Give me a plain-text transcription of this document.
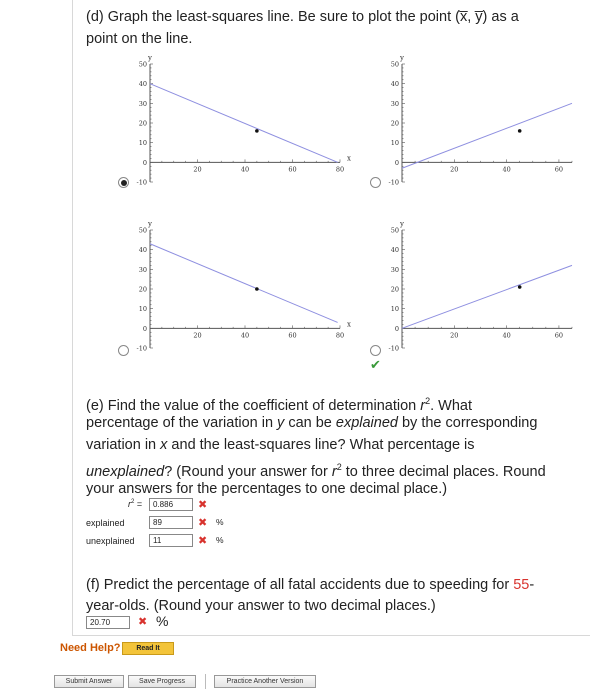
(d) Graph the least-squares line. Be sure to plot the point (x̅, y̅) as a
point on the line.
50
40
30
20
10
0
-10
20	40	60	80
y
x
50
40
30
20
10
0
-10
20	40	60
y
50
40
30
20
10
0
-10
20	40	60	80
y
x
50
40
30
20
10
0
-10
20	40	60
y
✔
(e) Find the value of the coefficient of determination $r^2$. What
percentage of the variation in y can be explained by the corresponding
variation in x and the least-squares line? What percentage is
unexplained? (Round your answer for $r^2$ to three decimal places. Round
your answers for the percentages to one decimal place.)
$r^2$ =	0.886	✖
explained	89	✖ %
unexplained	11	✖ %
(f) Predict the percentage of all fatal accidents due to speeding for 55-
year-olds. (Round your answer to two decimal places.)
20.70	✖ %
Need Help?	Read It
Submit Answer	Save Progress	Practice Another Version
